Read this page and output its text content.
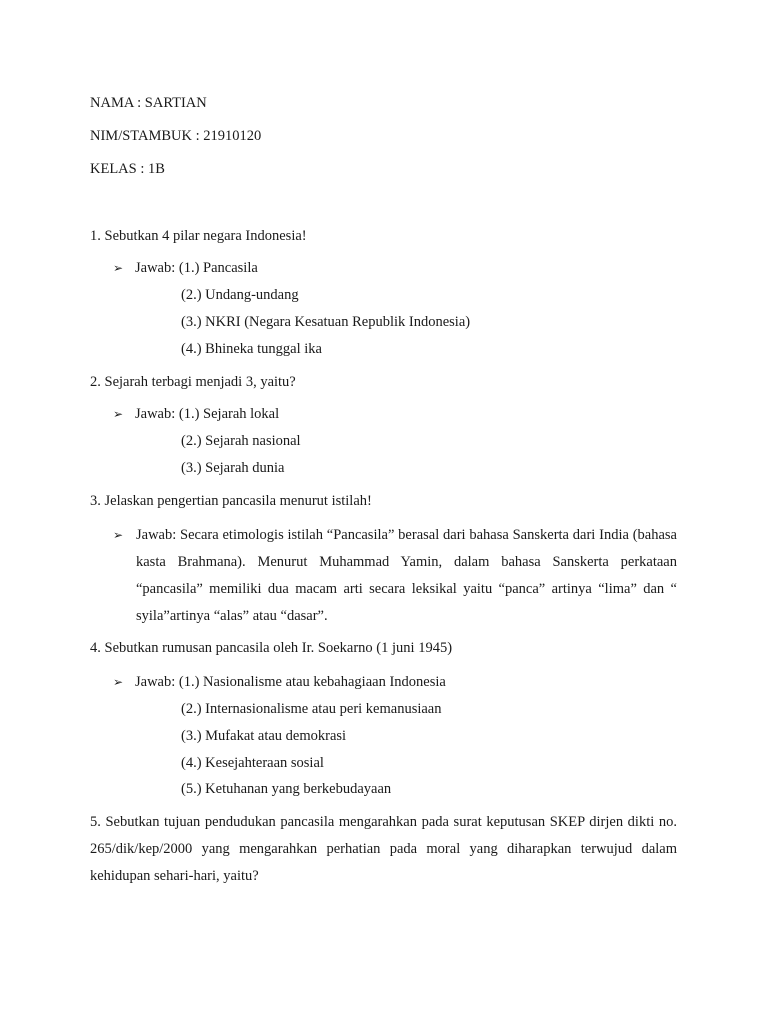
NAMA : SARTIAN
NIM/STAMBUK : 21910120
KELAS : 1B
1. Sebutkan 4 pilar negara Indonesia!
➢ Jawab: (1.) Pancasila
(2.) Undang-undang
(3.) NKRI (Negara Kesatuan Republik Indonesia)
(4.) Bhineka tunggal ika
2. Sejarah terbagi menjadi 3, yaitu?
➢ Jawab: (1.) Sejarah lokal
(2.) Sejarah nasional
(3.) Sejarah dunia
3. Jelaskan pengertian pancasila menurut istilah!
➢ Jawab: Secara etimologis istilah “Pancasila” berasal dari bahasa Sanskerta dari India (bahasa kasta Brahmana). Menurut Muhammad Yamin, dalam bahasa Sanskerta perkataan “pancasila” memiliki dua macam arti secara leksikal yaitu “panca” artinya “lima” dan “ syila”artinya “alas” atau “dasar”.
4. Sebutkan rumusan pancasila oleh Ir. Soekarno (1 juni 1945)
➢ Jawab: (1.) Nasionalisme atau kebahagiaan Indonesia
(2.) Internasionalisme atau peri kemanusiaan
(3.) Mufakat atau demokrasi
(4.) Kesejahteraan sosial
(5.) Ketuhanan yang berkebudayaan
5. Sebutkan tujuan pendudukan pancasila mengarahkan pada surat keputusan SKEP dirjen dikti no. 265/dik/kep/2000 yang mengarahkan perhatian pada moral yang diharapkan terwujud dalam kehidupan sehari-hari, yaitu?
